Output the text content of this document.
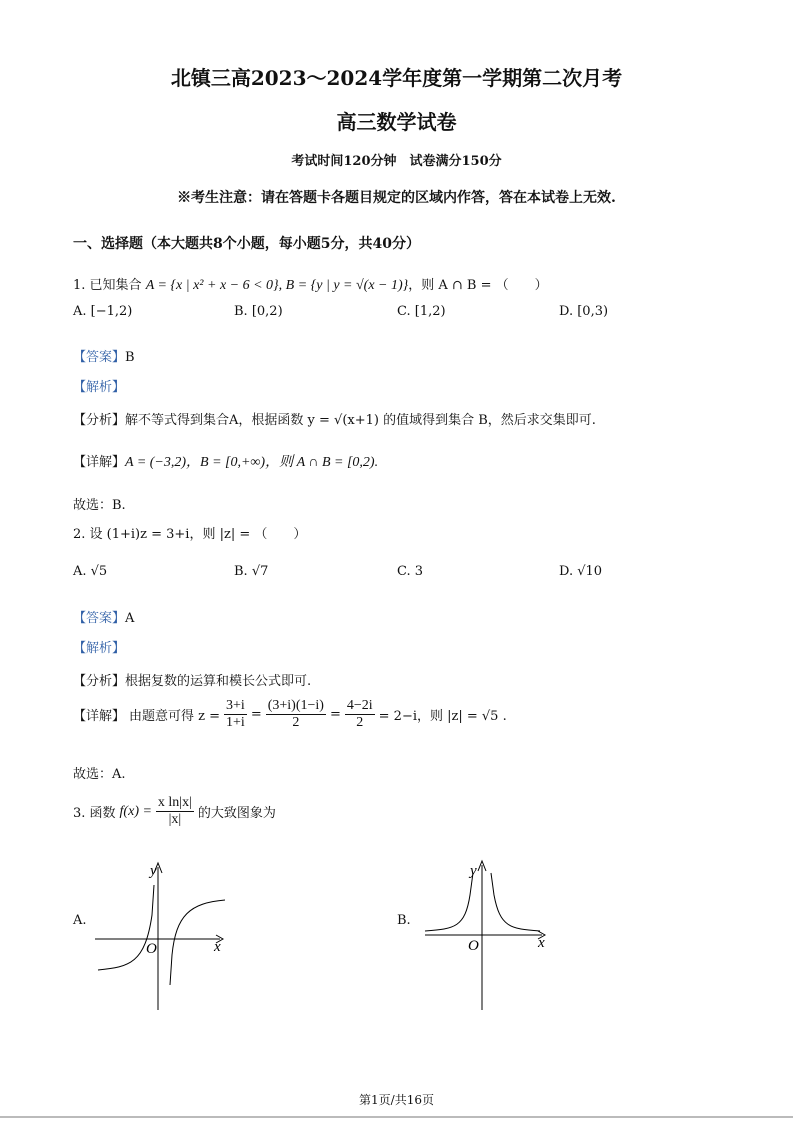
北镇三高2023～2024学年度第一学期第二次月考
高三数学试卷
考试时间120分钟　试卷满分150分
※考生注意：请在答题卡各题目规定的区域内作答，答在本试卷上无效.
一、选择题（本大题共8个小题，每小题5分，共40分）
1. 已知集合 A = {x | x² + x − 6 < 0}, B = {y | y = √(x − 1)}，则 A ∩ B = （　　）
A. [−1,2)	B. [0,2)	C. [1,2)	D. [0,3)
【答案】B
【解析】
【分析】解不等式得到集合A，根据函数 y = √(x+1) 的值域得到集合 B，然后求交集即可.
【详解】A = (−3,2)，B = [0,+∞)，则 A ∩ B = [0,2).
故选：B.
2. 设 (1+i)z = 3+i，则 |z| = （　　）
A. √5	B. √7	C. 3	D. √10
【答案】A
【解析】
【分析】根据复数的运算和模长公式即可.
【详解】 由题意可得 $z = \frac{3+i}{1+i} = \frac{(3+i)(1-i)}{2} = \frac{4-2i}{2} = 2-i$，则 |z| = √5 .
故选：A.
3. 函数 $f(x) = \frac{\text{x ln|x|}}{|x|}$ 的大致图象为
A.
y
x
O
B.
y
x
O
第1页/共16页
